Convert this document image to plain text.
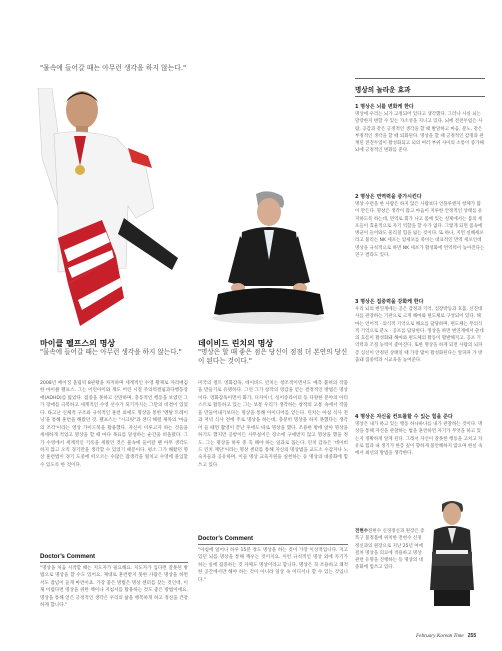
"물속에 들어갈 때는 아무런 생각을 하지 않는다."
마이클 펠프스의 명상
"물속에 들어갈 때는 아무런 생각을 하지 않는다."
데이비드 린치의 명상
"명상은 할 때 좋은 점은 당신이 점점 더 본연의 당신이 된다는 것이다."
2008년 베이징 올림픽 8관왕을 차지하며 세계적인 수영 황제로 자리매김한 마이클 펠프스. 그는 어린아이와 계도 어린 시절 주의력결핍과다행동장애(ADHD)를 앓았다. 집중을 못하고 산만하며, 충동적인 행동을 보였던 그가 장애를 극복하고 세계적인 수영 선수가 되기까지는 그만의 비결이 있었다. 타고난 신체적 구조와 규칙적인 훈련 외에도 명상을 통한 '멘탈 트레이닝'을 통해 훈련을 해왔던 것. 펠프스는 "시크릿"과 샌디 해럴 제목의 '마음의 조각'이라는 영상 가이드북을 활용했다. 자신이 이루고자 하는 것들을 세세하게 적었고 명상을 할 때 마다 목표를 달성하는 순간을 떠올렸다. 그가 수영에서 세계적인 기록을 세웠던 것은 물속에 들어갈 땐 아무 생각도 하지 않고 오직 경기만을 생각할 수 있었기 때문이다. 평소 그가 해왔던 명상 훈련법이 경기 도중에 떠오르는 수많은 잡생각을 떨치고 수영에 몰입할 수 있도록 한 것이다.
미국의 컬트 영화감독, 데이비드 린치는 창조적이면서도 예측 불허의 작품을 만들기로 유명하다. 그런 그가 창작의 영감을 얻는 결정적인 방법은 명상이다. 영화감독이면서 화가, 디자이너, 싱어송라이터 등 다양한 분야의 아티스트로 활동하고 있는 그는 보통 우리가 생각하는 창작의 고통 속에서 작품을 만들어내기보다는 명상을 통해 아이디어를 얻는다. 린치는 아침 식사 전과 저녁 식사 전에 주로 명상을 하는데, 충분히 명상을 하지 못했다는 생각이 들 때면 촬영이 끝난 후에도 따로 명상을 했다. 조용한 방에 앉아 명상을 하기도 했지만 공항이든 사무실이든 장소에 구애받지 않고 명상을 했을 정도. 그는 명상을 하루 중 꼭 해야 하는 일과로 꼽는다. 린치 감독은 '데이비드 린치 재단'이라는 명상 센터를 통해 자신의 명상법을 교도소 수감자나 노숙자들과 공유하며, 이들 명상 교육지원을 실천하는 등 명상의 대중화에 힘쓰고 있다.
Doctor's Comment
"명상을 처음 시작할 때는 지도자가 필요해요. 지도자가 입다면 잘못된 방법으로 명상을 할 수도 있어요. 제대로 훈련받지 못한 사람은 명상을 하면서도 잡념이 들게 마련이죠. 가장 좋은 방법은 명상 센터를 찾는 것인데, 이제 어렵다면 명상을 위한 책이나 지침서를 활용하는 것도 좋은 방법이에요. 명상을 통해 얻은 긍정적인 생각은 우리의 삶을 행복하게 하고 정신을 건강하게 합니다."
Doctor's Comment
"아침에 일어나 하루 15분 정도 명상을 하는 것이 가장 이상적입니다. 지고 있던 뇌를 명상을 통해 깨우는 것이지요. 이런 규칙적인 명상 외에 자기가 하는 일에 집중하는 것 자체도 명상이라고 합니다. 명상은 꼭 조용하고 쾌적한 공간에서만 해야 하는 것이 아니라 일상 속 어디서나 할 수 있는 것입니다."
명상의 놀라운 효과
1 명상은 뇌를 변화케 한다
명상에 우리는 뇌가 고정되어 있다고 생각했다. 그러나 사실 뇌는 말랑한지 변할 수 있는 가소성을 지니고 있다. 뇌에 전전두엽은 사람, 공감과 같은 긍정적인 생각을 할 때 발달하고 마음, 분노, 같은 부정적인 생각을 할 때 퇴화된다. 명상을 할 때 긍정적인 감정과 관계된 전전두엽이 활성화되고 뇌의 여러 부위 사이의 소통이 증가해 뇌에 긍정적인 변화를 준다.
2 명상은 면역력을 증가시킨다
명상 수련을 한 사람은 하지 않은 사람보다 인플루엔자 항체가 많이 만든다. 명상은 생각이 많고 마음이 지루한 안정적인 상태를 유지하도록 하는데, 면역로 회가 나고 몸에 있는 실제에서는 몸의 세포들이 효율적으로 자기 역할을 할 수가 없다. 그렇게 되면 몸속에 병균이 들어와도 물리칠 힘을 잃는 것이다. 또 하나, 지면 실해세포라고 불리는 NK 세포는 암세포를 죽이는 대표적인 면역 세포인데 명상을 규칙적으로 하면 NK 세포가 활성화에 면역력이 높아진다는 연구 결과도 있다.
3 명상은 집중력을 강화케 한다
우리 뇌의 변연계에는 공은 감정과 기억, 심장박동과 호흡, 신진대사를 관장하는 기관으로 크게 해마와 편도체로 구성되어 있다. 해마는 언어적 · 의식적 기억으로 해요를 담당하며, 편도체는 무의식적 기억으로 분노 · 공포를 담당한다. 명상을 하면 변연계에서 쓸데의 흐름이 활성화돼 해마와 편도체의 활동이 활발해지고, 공포 기억력과 조절 능력이 좋아진다. 또한 명상을 하게 되면 사람의 뇌파 층 심신이 안정된 상태일 때 가장 많이 활성화된다는 알파파 가 방출돼 집중력과 시교육을 높여준다.
4 명상은 자신을 컨트롤할 수 있는 힘을 준다
명상은 내가 하고 있는 행동 하나하나를 내가 관찰하는 것이다. 명상을 통해 자신을 관찰하는 법을 훈련하면 자기가 무엇을 하고 있는지 정확하게 알게 된다. 그래서 자신이 잘못한 행동을 고치고 자유로 힘과 내 생기가 한층 깊이 향하게 불안해하지 않으며 현실 속에서 최선의 방법을 생각한다.
전현수전현수 신경정신과 원장은 증폭구 불정불에 위치한 전현수 신경정신과의 원장으로 지난 25년 여에 걸쳐 명상을 의료에 적용하고 명상 관련 유명을 진행하는 등 명상의 대중화에 힘쓰고 있다.
February Korean Time 255
